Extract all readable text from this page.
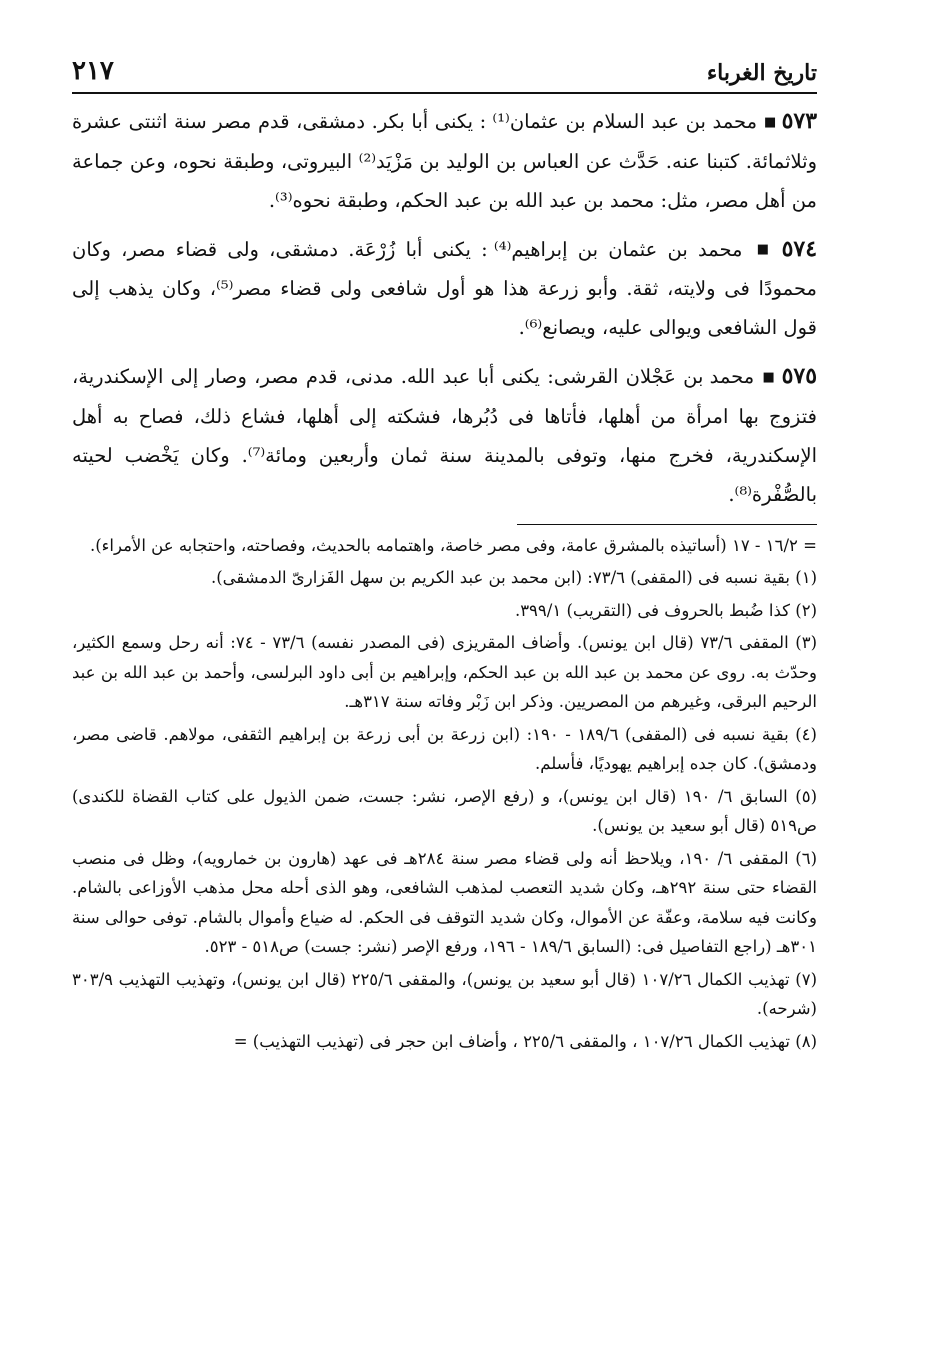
تاريخ الغرباء
٢١٧

٥٧٣ ■ محمد بن عبد السلام بن عثمان⁽¹⁾ : يكنى أبا بكر. دمشقى، قدم مصر سنة اثنتى عشرة وثلاثمائة. كتبنا عنه. حَدَّث عن العباس بن الوليد بن مَزْيَد⁽²⁾ البيروتى، وطبقة نحوه، وعن جماعة من أهل مصر، مثل: محمد بن عبد الله بن عبد الحكم، وطبقة نحوه⁽³⁾.

٥٧٤ ■ محمد بن عثمان بن إبراهيم⁽⁴⁾ : يكنى أبا زُرْعَة. دمشقى، ولى قضاء مصر، وكان محمودًا فى ولايته، ثقة. وأبو زرعة هذا هو أول شافعى ولى قضاء مصر⁽⁵⁾، وكان يذهب إلى قول الشافعى ويوالى عليه، ويصانع⁽⁶⁾.

٥٧٥ ■ محمد بن عَجْلان القرشى: يكنى أبا عبد الله. مدنى، قدم مصر، وصار إلى الإسكندرية، فتزوج بها امرأة من أهلها، فأتاها فى دُبُرها، فشكته إلى أهلها، فشاع ذلك، فصاح به أهل الإسكندرية، فخرج منها، وتوفى بالمدينة سنة ثمان وأربعين ومائة⁽⁷⁾. وكان يَخْضب لحيته بالصُّفْرة⁽⁸⁾.

= ١٦/٢ - ١٧ (أساتيذه بالمشرق عامة، وفى مصر خاصة، واهتمامه بالحديث، وفصاحته، واحتجابه عن الأمراء).

(١) بقية نسبه فى (المقفى) ٧٣/٦: (ابن محمد بن عبد الكريم بن سهل الفَزارىّ الدمشقى).

(٢) كذا ضُبط بالحروف فى (التقريب) ٣٩٩/١.

(٣) المقفى ٧٣/٦ (قال ابن يونس). وأضاف المقريزى (فى المصدر نفسه) ٧٣/٦ - ٧٤: أنه رحل وسمع الكثير، وحدّث به. روى عن محمد بن عبد الله بن عبد الحكم، وإبراهيم بن أبى داود البرلسى، وأحمد بن عبد الله بن عبد الرحيم البرقى، وغيرهم من المصريين. وذكر ابن زَبْر وفاته سنة ٣١٧هـ.

(٤) بقية نسبه فى (المقفى) ١٨٩/٦ - ١٩٠: (ابن زرعة بن أبى زرعة بن إبراهيم الثقفى، مولاهم. قاضى مصر، ودمشق). كان جده إبراهيم يهوديًا، فأسلم.

(٥) السابق ٦/ ١٩٠ (قال ابن يونس)، و (رفع الإصر، نشر: جست، ضمن الذيول على كتاب القضاة للكندى) ص٥١٩ (قال أبو سعيد بن يونس).

(٦) المقفى ٦/ ١٩٠، ويلاحظ أنه ولى قضاء مصر سنة ٢٨٤هـ فى عهد (هارون بن خمارويه)، وظل فى منصب القضاء حتى سنة ٢٩٢هـ، وكان شديد التعصب لمذهب الشافعى، وهو الذى أحله محل مذهب الأوزاعى بالشام. وكانت فيه سلامة، وعفّة عن الأموال، وكان شديد التوقف فى الحكم. له ضياع وأموال بالشام. توفى حوالى سنة ٣٠١هـ (راجع التفاصيل فى: (السابق ١٨٩/٦ - ١٩٦، ورفع الإصر (نشر: جست) ص٥١٨ - ٥٢٣.

(٧) تهذيب الكمال ١٠٧/٢٦ (قال أبو سعيد بن يونس)، والمقفى ٢٢٥/٦ (قال ابن يونس)، وتهذيب التهذيب ٣٠٣/٩ (شرحه).

(٨) تهذيب الكمال ١٠٧/٢٦ ، والمقفى ٢٢٥/٦ ، وأضاف ابن حجر فى (تهذيب التهذيب) =
